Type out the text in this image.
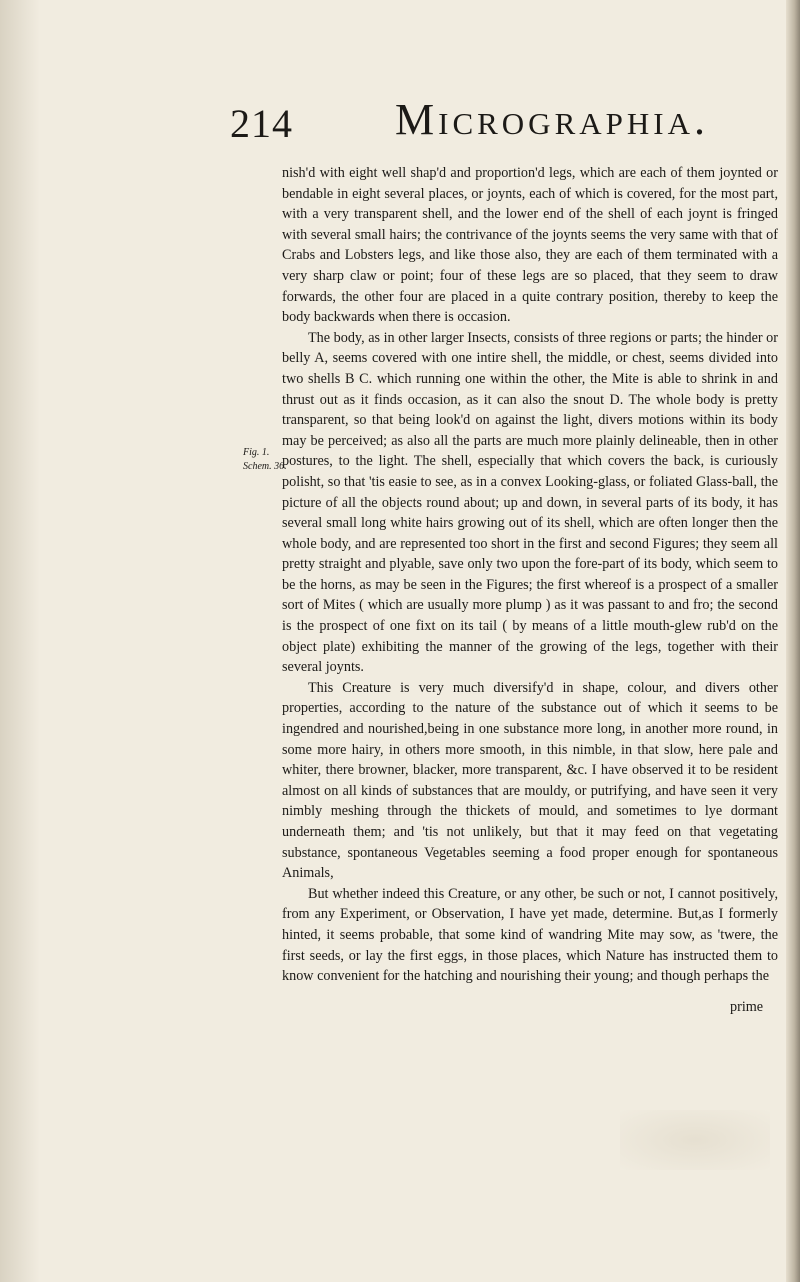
214 Micrographia.
Fig. 1.
Schem. 36.

nish'd with eight well shap'd and proportion'd legs, which are each of them joynted or bendable in eight several places, or joynts, each of which is covered, for the most part, with a very transparent shell, and the lower end of the shell of each joynt is fringed with several small hairs; the contrivance of the joynts seems the very same with that of Crabs and Lobsters legs, and like those also, they are each of them terminated with a very sharp claw or point; four of these legs are so placed, that they seem to draw forwards, the other four are placed in a quite contrary position, thereby to keep the body backwards when there is occasion.

The body, as in other larger Insects, consists of three regions or parts; the hinder or belly A, seems covered with one intire shell, the middle, or chest, seems divided into two shells B C. which running one within the other, the Mite is able to shrink in and thrust out as it finds occasion, as it can also the snout D. The whole body is pretty transparent, so that being look'd on against the light, divers motions within its body may be perceived; as also all the parts are much more plainly delineable, then in other postures, to the light. The shell, especially that which covers the back, is curiously polisht, so that 'tis easie to see, as in a convex Looking-glass, or foliated Glass-ball, the picture of all the objects round about; up and down, in several parts of its body, it has several small long white hairs growing out of its shell, which are often longer then the whole body, and are represented too short in the first and second Figures; they seem all pretty straight and plyable, save only two upon the fore-part of its body, which seem to be the horns, as may be seen in the Figures; the first whereof is a prospect of a smaller sort of Mites ( which are usually more plump ) as it was passant to and fro; the second is the prospect of one fixt on its tail ( by means of a little mouth-glew rub'd on the object plate) exhibiting the manner of the growing of the legs, together with their several joynts.

This Creature is very much diversify'd in shape, colour, and divers other properties, according to the nature of the substance out of which it seems to be ingendred and nourished,being in one substance more long, in another more round, in some more hairy, in others more smooth, in this nimble, in that slow, here pale and whiter, there browner, blacker, more transparent, &c. I have observed it to be resident almost on all kinds of substances that are mouldy, or putrifying, and have seen it very nimbly meshing through the thickets of mould, and sometimes to lye dormant underneath them; and 'tis not unlikely, but that it may feed on that vegetating substance, spontaneous Vegetables seeming a food proper enough for spontaneous Animals,

But whether indeed this Creature, or any other, be such or not, I cannot positively, from any Experiment, or Observation, I have yet made, determine. But,as I formerly hinted, it seems probable, that some kind of wandring Mite may sow, as 'twere, the first seeds, or lay the first eggs, in those places, which Nature has instructed them to know convenient for the hatching and nourishing their young; and though perhaps the

prime
